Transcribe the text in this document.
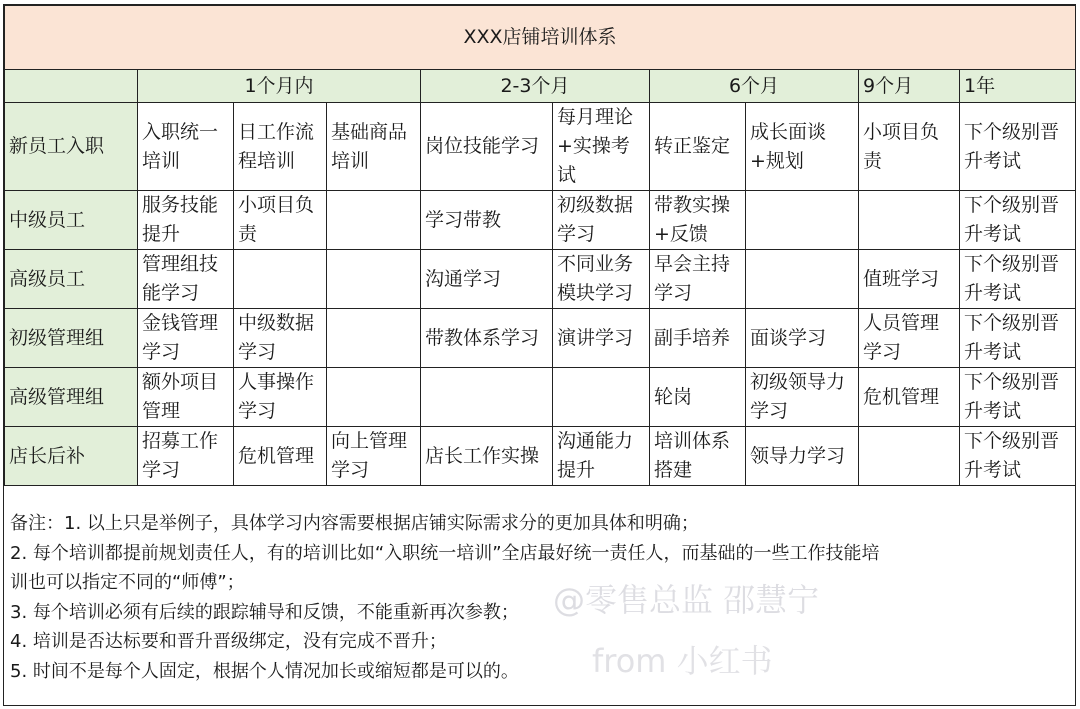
XXX店铺培训体系									
	1个月内			2-3个月		6个月		9个月	1年
新员工入职	入职统一培训	日工作流程培训	基础商品培训	岗位技能学习	每月理论+实操考试	转正鉴定	成长面谈+规划	小项目负责	下个级别晋升考试
中级员工	服务技能提升	小项目负责		学习带教	初级数据学习	带教实操+反馈			下个级别晋升考试
高级员工	管理组技能学习			沟通学习	不同业务模块学习	早会主持学习		值班学习	下个级别晋升考试
初级管理组	金钱管理学习	中级数据学习		带教体系学习	演讲学习	副手培养	面谈学习	人员管理学习	下个级别晋升考试
高级管理组	额外项目管理	人事操作学习				轮岗	初级领导力学习	危机管理	下个级别晋升考试
店长后补	招募工作学习	危机管理	向上管理学习	店长工作实操	沟通能力提升	培训体系搭建	领导力学习		下个级别晋升考试

备注：1. 以上只是举例子，具体学习内容需要根据店铺实际需求分的更加具体和明确；

2. 每个培训都提前规划责任人，有的培训比如“入职统一培训”全店最好统一责任人，而基础的一些工作技能培

训也可以指定不同的“师傅”；

3. 每个培训必须有后续的跟踪辅导和反馈，不能重新再次参教；

4. 培训是否达标要和晋升晋级绑定，没有完成不晋升；

5. 时间不是每个人固定，根据个人情况加长或缩短都是可以的。

@零售总监 邵慧宁
from 小红书
